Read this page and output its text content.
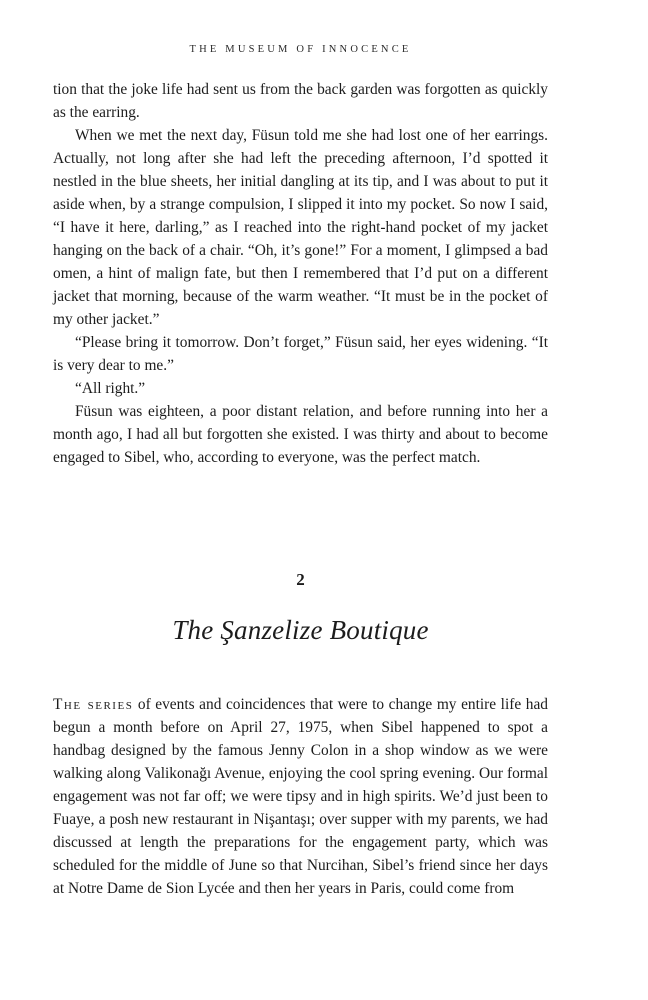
THE MUSEUM OF INNOCENCE

tion that the joke life had sent us from the back garden was forgotten as quickly as the earring.

When we met the next day, Füsun told me she had lost one of her earrings. Actually, not long after she had left the preceding afternoon, I’d spotted it nestled in the blue sheets, her initial dangling at its tip, and I was about to put it aside when, by a strange compulsion, I slipped it into my pocket. So now I said, “I have it here, darling,” as I reached into the right-hand pocket of my jacket hanging on the back of a chair. “Oh, it’s gone!” For a moment, I glimpsed a bad omen, a hint of malign fate, but then I remembered that I’d put on a different jacket that morning, because of the warm weather. “It must be in the pocket of my other jacket.”

“Please bring it tomorrow. Don’t forget,” Füsun said, her eyes widening. “It is very dear to me.”

“All right.”

Füsun was eighteen, a poor distant relation, and before running into her a month ago, I had all but forgotten she existed. I was thirty and about to become engaged to Sibel, who, according to everyone, was the perfect match.

2
The Şanzelize Boutique

The series of events and coincidences that were to change my entire life had begun a month before on April 27, 1975, when Sibel happened to spot a handbag designed by the famous Jenny Colon in a shop window as we were walking along Valikonağı Avenue, enjoying the cool spring evening. Our formal engagement was not far off; we were tipsy and in high spirits. We’d just been to Fuaye, a posh new restaurant in Nişantaşı; over supper with my parents, we had discussed at length the preparations for the engagement party, which was scheduled for the middle of June so that Nurcihan, Sibel’s friend since her days at Notre Dame de Sion Lycée and then her years in Paris, could come from
